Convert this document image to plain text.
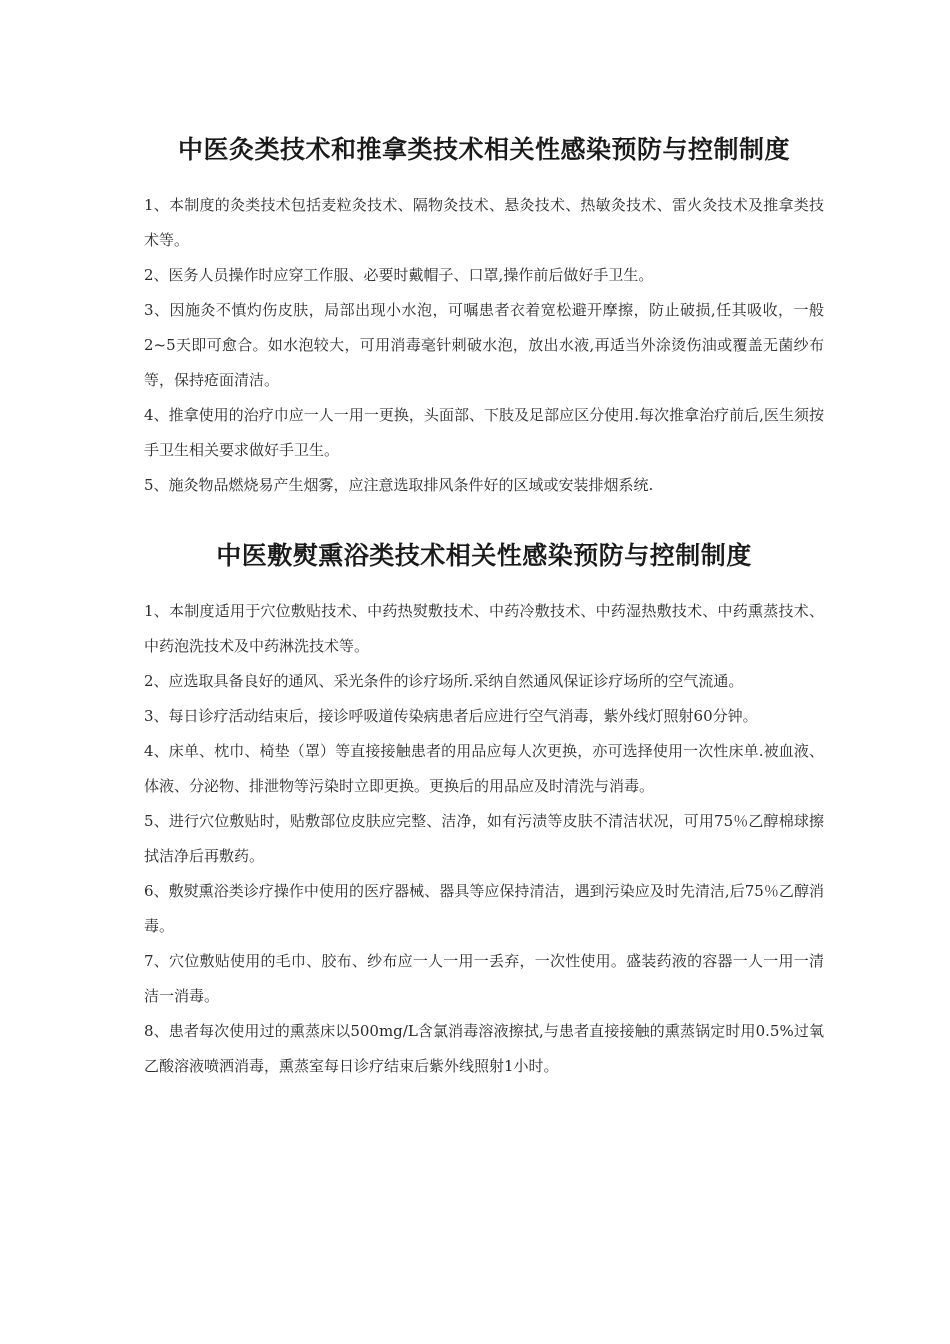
中医灸类技术和推拿类技术相关性感染预防与控制制度

1、本制度的灸类技术包括麦粒灸技术、隔物灸技术、悬灸技术、热敏灸技术、雷火灸技术及推拿类技术等。

2、医务人员操作时应穿工作服、必要时戴帽子、口罩,操作前后做好手卫生。

3、因施灸不慎灼伤皮肤，局部出现小水泡，可嘱患者衣着宽松避开摩擦，防止破损,任其吸收，一般2~5天即可愈合。如水泡较大，可用消毒毫针刺破水泡，放出水液,再适当外涂烫伤油或覆盖无菌纱布等，保持疮面清洁。

4、推拿使用的治疗巾应一人一用一更换，头面部、下肢及足部应区分使用.每次推拿治疗前后,医生须按手卫生相关要求做好手卫生。

5、施灸物品燃烧易产生烟雾，应注意选取排风条件好的区域或安装排烟系统.

中医敷熨熏浴类技术相关性感染预防与控制制度

1、本制度适用于穴位敷贴技术、中药热熨敷技术、中药冷敷技术、中药湿热敷技术、中药熏蒸技术、中药泡洗技术及中药淋洗技术等。

2、应选取具备良好的通风、采光条件的诊疗场所.采纳自然通风保证诊疗场所的空气流通。

3、每日诊疗活动结束后，接诊呼吸道传染病患者后应进行空气消毒，紫外线灯照射60分钟。

4、床单、枕巾、椅垫（罩）等直接接触患者的用品应每人次更换，亦可选择使用一次性床单.被血液、体液、分泌物、排泄物等污染时立即更换。更换后的用品应及时清洗与消毒。

5、进行穴位敷贴时，贴敷部位皮肤应完整、洁净，如有污渍等皮肤不清洁状况，可用75％乙醇棉球擦拭洁净后再敷药。

6、敷熨熏浴类诊疗操作中使用的医疗器械、器具等应保持清洁，遇到污染应及时先清洁,后75％乙醇消毒。

7、穴位敷贴使用的毛巾、胶布、纱布应一人一用一丢弃，一次性使用。盛装药液的容器一人一用一清洁一消毒。

8、患者每次使用过的熏蒸床以500mg/L含氯消毒溶液擦拭,与患者直接接触的熏蒸锅定时用0.5%过氧乙酸溶液喷洒消毒，熏蒸室每日诊疗结束后紫外线照射1小时。
